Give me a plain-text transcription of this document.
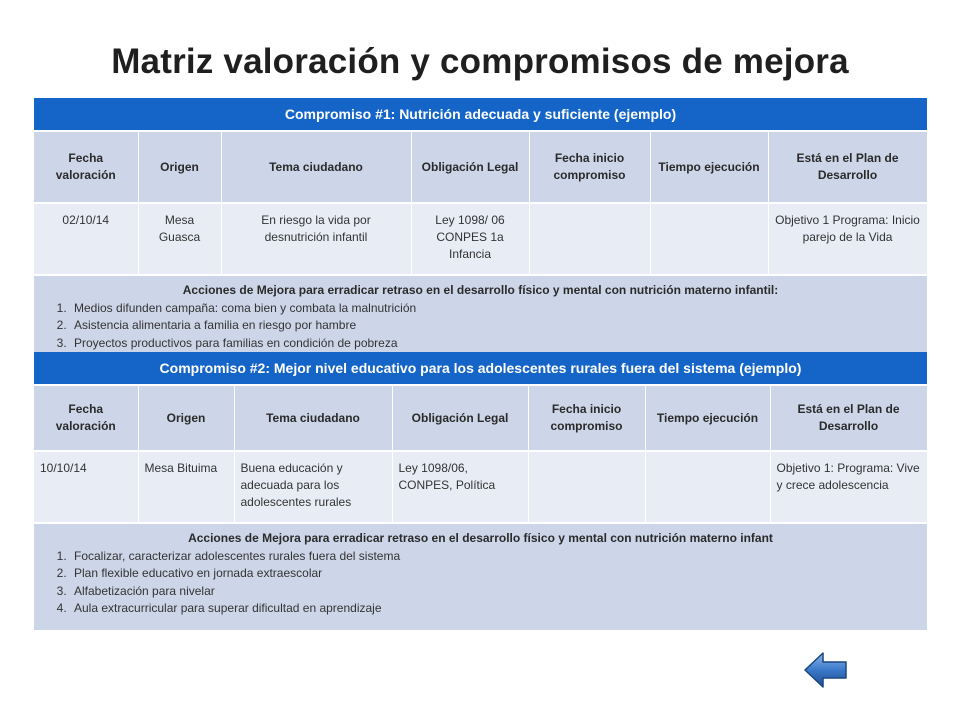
Matriz valoración y compromisos de mejora
Compromiso #1: Nutrición adecuada y suficiente (ejemplo)
Fecha valoración	Origen	Tema ciudadano	Obligación Legal	Fecha inicio compromiso	Tiempo ejecución	Está en el Plan de Desarrollo
02/10/14	Mesa Guasca	En riesgo la vida por desnutrición infantil	Ley 1098/ 06 CONPES 1a Infancia			Objetivo 1 Programa: Inicio parejo de la Vida
Acciones de Mejora para erradicar retraso en el desarrollo físico y mental con nutrición materno infantil:
1. Medios difunden campaña: coma bien y combata la malnutrición
2. Asistencia alimentaria a familia en riesgo por hambre
3. Proyectos productivos para familias en condición de pobreza
Compromiso #2: Mejor nivel educativo para los adolescentes rurales fuera del sistema (ejemplo)
Fecha valoración	Origen	Tema ciudadano	Obligación Legal	Fecha inicio compromiso	Tiempo ejecución	Está en el Plan de Desarrollo
10/10/14	Mesa Bituima	Buena educación y adecuada para los adolescentes rurales	Ley 1098/06, CONPES, Política			Objetivo 1: Programa: Vive y crece adolescencia
Acciones de Mejora para erradicar retraso en el desarrollo físico y mental con nutrición materno infant
1. Focalizar, caracterizar adolescentes rurales fuera del sistema
2. Plan flexible educativo en jornada extraescolar
3. Alfabetización para nivelar
4. Aula extracurricular para superar dificultad en aprendizaje
